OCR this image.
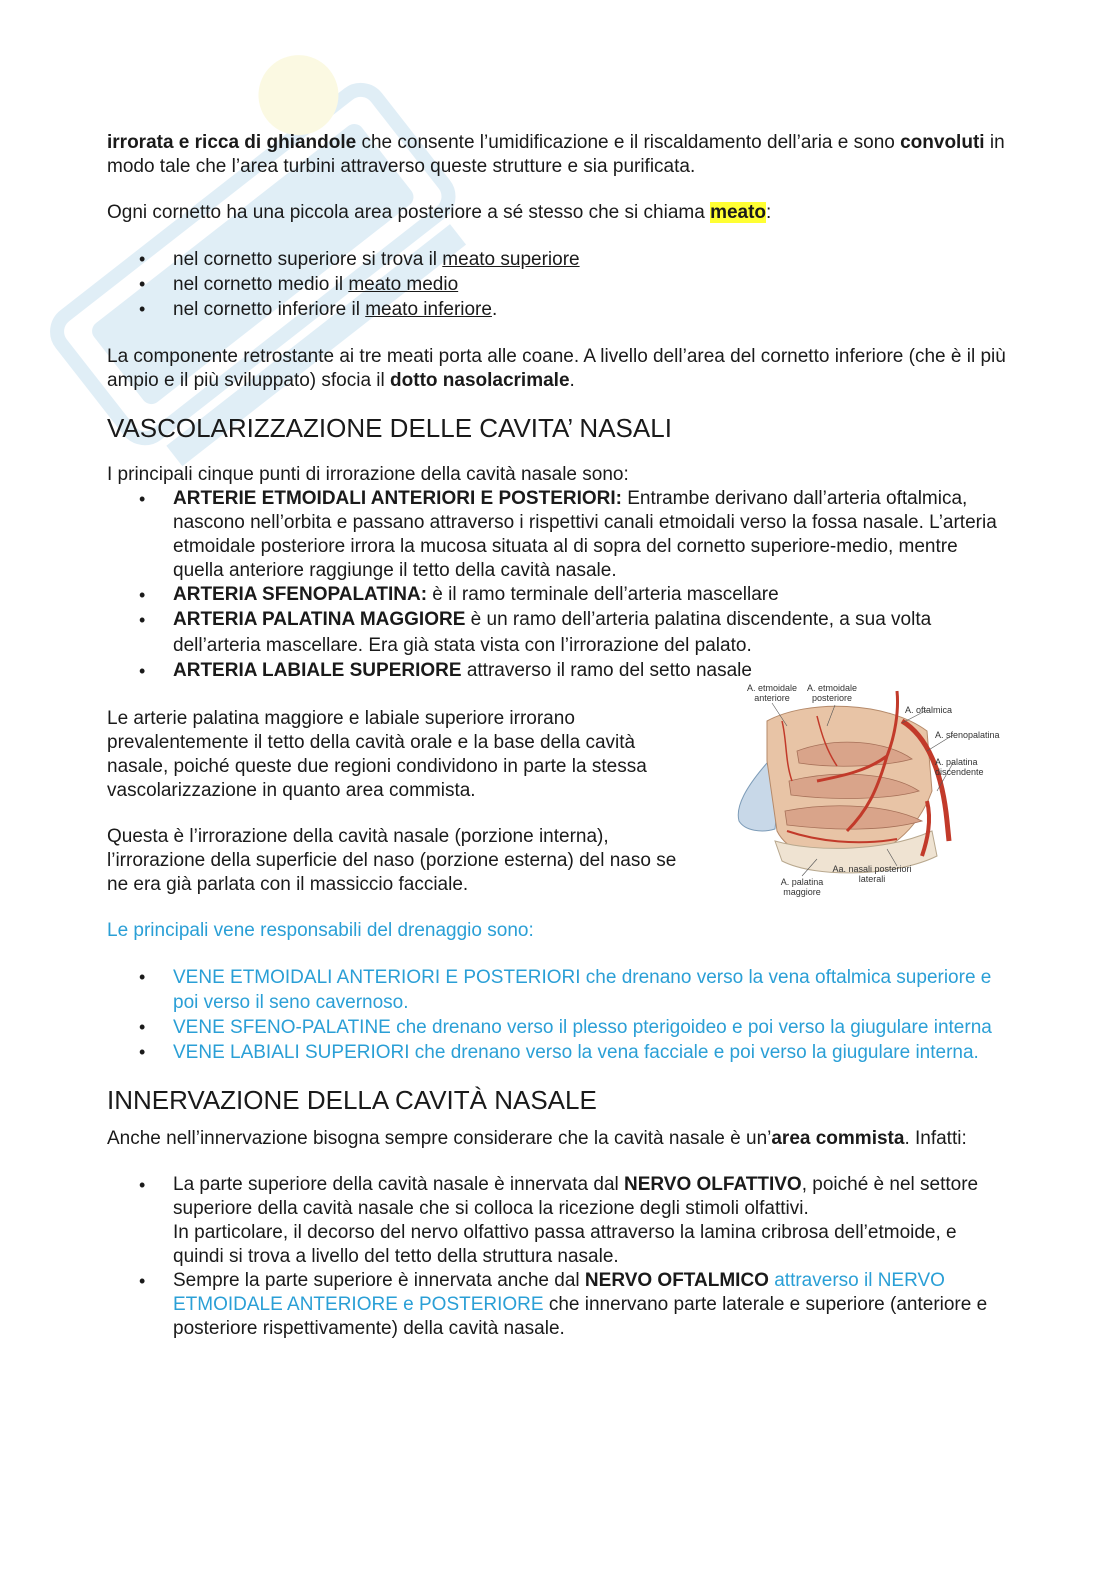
irrorata e ricca di ghiandole che consente l’umidificazione e il riscaldamento dell’aria e sono convoluti in modo tale che l’area turbini attraverso queste strutture e sia purificata.

Ogni cornetto ha una piccola area posteriore a sé stesso che si chiama meato:

• nel cornetto superiore si trova il meato superiore
• nel cornetto medio il meato medio
• nel cornetto inferiore il meato inferiore.

La componente retrostante ai tre meati porta alle coane. A livello dell’area del cornetto inferiore (che è il più ampio e il più sviluppato) sfocia il dotto nasolacrimale.

VASCOLARIZZAZIONE DELLE CAVITA’ NASALI

I principali cinque punti di irrorazione della cavità nasale sono:

• ARTERIE ETMOIDALI ANTERIORI E POSTERIORI: Entrambe derivano dall’arteria oftalmica, nascono nell’orbita e passano attraverso i rispettivi canali etmoidali verso la fossa nasale. L’arteria etmoidale posteriore irrora la mucosa situata al di sopra del cornetto superiore-medio, mentre quella anteriore raggiunge il tetto della cavità nasale.
• ARTERIA SFENOPALATINA: è il ramo terminale dell’arteria mascellare
• ARTERIA PALATINA MAGGIORE è un ramo dell’arteria palatina discendente, a sua volta dell’arteria mascellare. Era già stata vista con l’irrorazione del palato.
• ARTERIA LABIALE SUPERIORE attraverso il ramo del setto nasale

Le arterie palatina maggiore e labiale superiore irrorano prevalentemente il tetto della cavità orale e la base della cavità nasale, poiché queste due regioni condividono in parte la stessa vascolarizzazione in quanto area commista.

Questa è l’irrorazione della cavità nasale (porzione interna), l’irrorazione della superficie del naso (porzione esterna) del naso se ne era già parlata con il massiccio facciale.

A. etmoidale anteriore
A. etmoidale posteriore
A. oftalmica
A. sfenopalatina
A. palatina discendente
Aa. nasali posteriori laterali
A. palatina maggiore

Le principali vene responsabili del drenaggio sono:

• VENE ETMOIDALI ANTERIORI E POSTERIORI che drenano verso la vena oftalmica superiore e poi verso il seno cavernoso.
• VENE SFENO-PALATINE che drenano verso il plesso pterigoideo e poi verso la giugulare interna
• VENE LABIALI SUPERIORI che drenano verso la vena facciale e poi verso la giugulare interna.
INNERVAZIONE DELLA CAVITÀ NASALE

Anche nell’innervazione bisogna sempre considerare che la cavità nasale è un’area commista. Infatti:

• La parte superiore della cavità nasale è innervata dal NERVO OLFATTIVO, poiché è nel settore superiore della cavità nasale che si colloca la ricezione degli stimoli olfattivi.
In particolare, il decorso del nervo olfattivo passa attraverso la lamina cribrosa dell’etmoide, e quindi si trova a livello del tetto della struttura nasale.
• Sempre la parte superiore è innervata anche dal NERVO OFTALMICO attraverso il NERVO ETMOIDALE ANTERIORE e POSTERIORE che innervano parte laterale e superiore (anteriore e posteriore rispettivamente) della cavità nasale.
